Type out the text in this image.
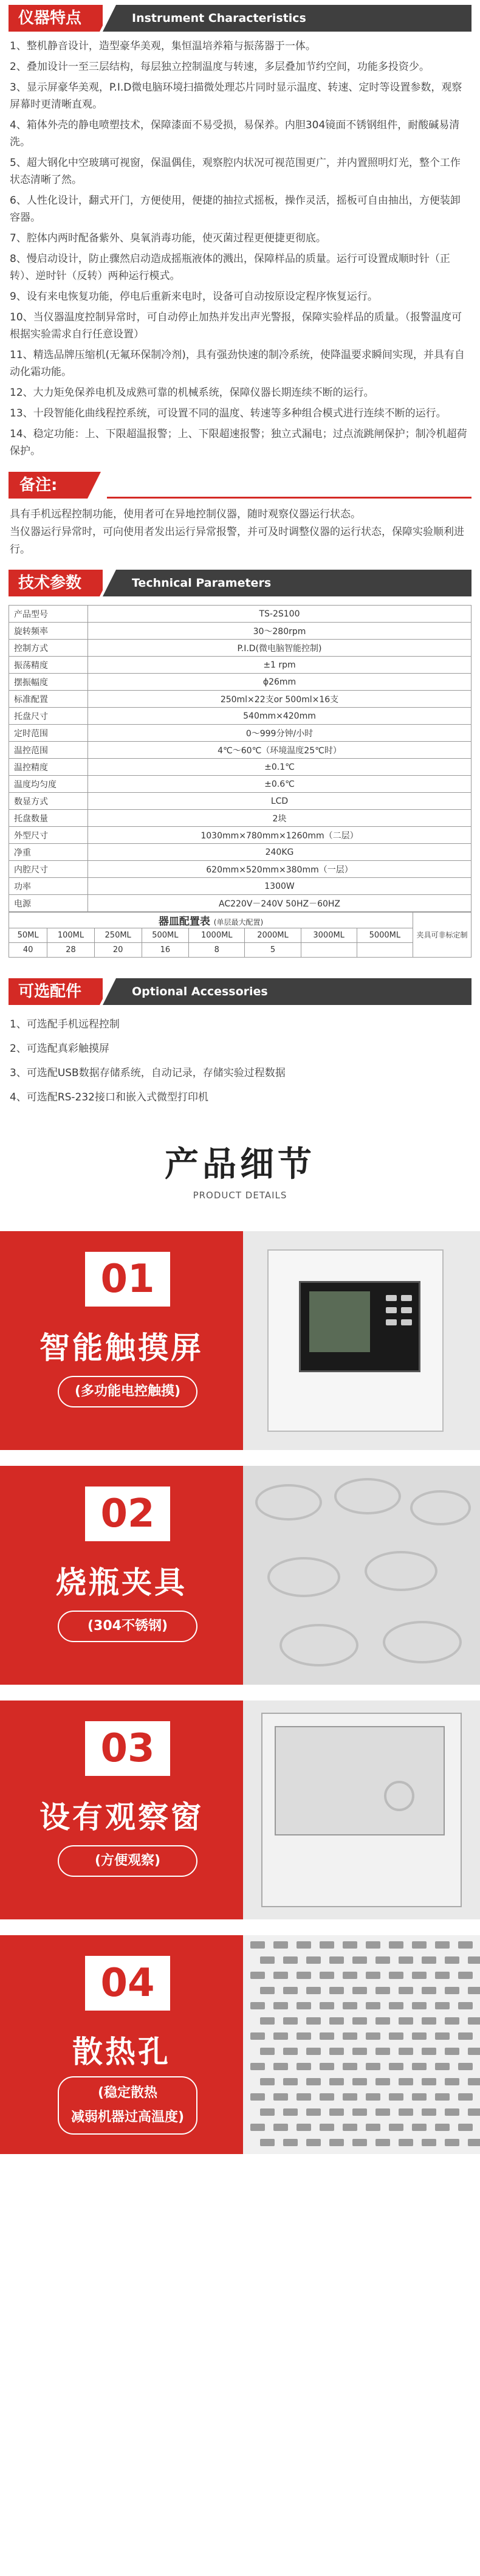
仪器特点	Instrument Characteristics

1、整机静音设计，造型豪华美观，集恒温培养箱与振荡器于一体。

2、叠加设计一至三层结构，每层独立控制温度与转速，多层叠加节约空间，功能多投资少。

3、显示屏豪华美观，P.I.D微电脑环境扫描微处理芯片同时显示温度、转速、定时等设置参数，观察屏幕时更清晰直观。

4、箱体外壳的静电喷塑技术，保障漆面不易受损，易保养。内胆304镜面不锈钢组件，耐酸碱易清洗。

5、超大钢化中空玻璃可视窗，保温偶佳，观察腔内状况可视范围更广，并内置照明灯光，整个工作状态清晰了然。

6、人性化设计，翻式开门，方便使用，便捷的抽拉式摇板，操作灵活，摇板可自由抽出，方便装卸容器。

7、腔体内两时配备紫外、臭氧消毒功能，使灭菌过程更便捷更彻底。

8、慢启动设计，防止骤然启动造成摇瓶液体的溅出，保障样品的质量。运行可设置成顺时针（正转）、逆时针（反转）两种运行模式。

9、设有来电恢复功能，停电后重新来电时，设备可自动按原设定程序恢复运行。

10、当仪器温度控制异常时，可自动停止加热并发出声光警报，保障实验样品的质量。（报警温度可根据实验需求自行任意设置）

11、精选品牌压缩机(无氟环保制冷剂)，具有强劲快速的制冷系统，使降温要求瞬间实现，并具有自动化霜功能。

12、大力矩免保养电机及成熟可靠的机械系统，保障仪器长期连续不断的运行。

13、十段智能化曲线程控系统，可设置不同的温度、转速等多种组合模式进行连续不断的运行。

14、稳定功能：上、下限超温报警；上、下限超速报警；独立式漏电；过点流跳闸保护；制冷机超荷保护。

备注:

具有手机远程控制功能，使用者可在异地控制仪器，随时观察仪器运行状态。

当仪器运行异常时，可向使用者发出运行异常报警，并可及时调整仪器的运行状态，保障实验顺利进行。

技术参数	Technical Parameters
产品型号	TS-2S100
旋转频率	30～280rpm
控制方式	P.I.D(微电脑智能控制)
振荡精度	±1 rpm
摆振幅度	ϕ26mm
标准配置	250ml×22支or 500ml×16支
托盘尺寸	540mm×420mm
定时范围	0～999分钟/小时
温控范围	4℃～60℃（环境温度25℃时）
温控精度	±0.1℃
温度均匀度	±0.6℃
数显方式	LCD
托盘数量	2块
外型尺寸	1030mm×780mm×1260mm（二层）
净重	240KG
内腔尺寸	620mm×520mm×380mm（一层）
功率	1300W
电源	AC220V－240V 50HZ－60HZ
器皿配置表 (单层最大配置)								夹具可非标定制
50ML	100ML	250ML	500ML	1000ML	2000ML	3000ML	5000ML	
40	28	20	16	8	5			
可选配件	Optional Accessories

1、可选配手机远程控制

2、可选配真彩触摸屏

3、可选配USB数据存储系统，自动记录，存储实验过程数据

4、可选配RS-232接口和嵌入式微型打印机

产品细节
PRODUCT DETAILS
01
智能触摸屏
(多功能电控触摸)
02
烧瓶夹具
(304不锈钢)
03
设有观察窗
(方便观察)
04
散热孔
(稳定散热
减弱机器过高温度)
